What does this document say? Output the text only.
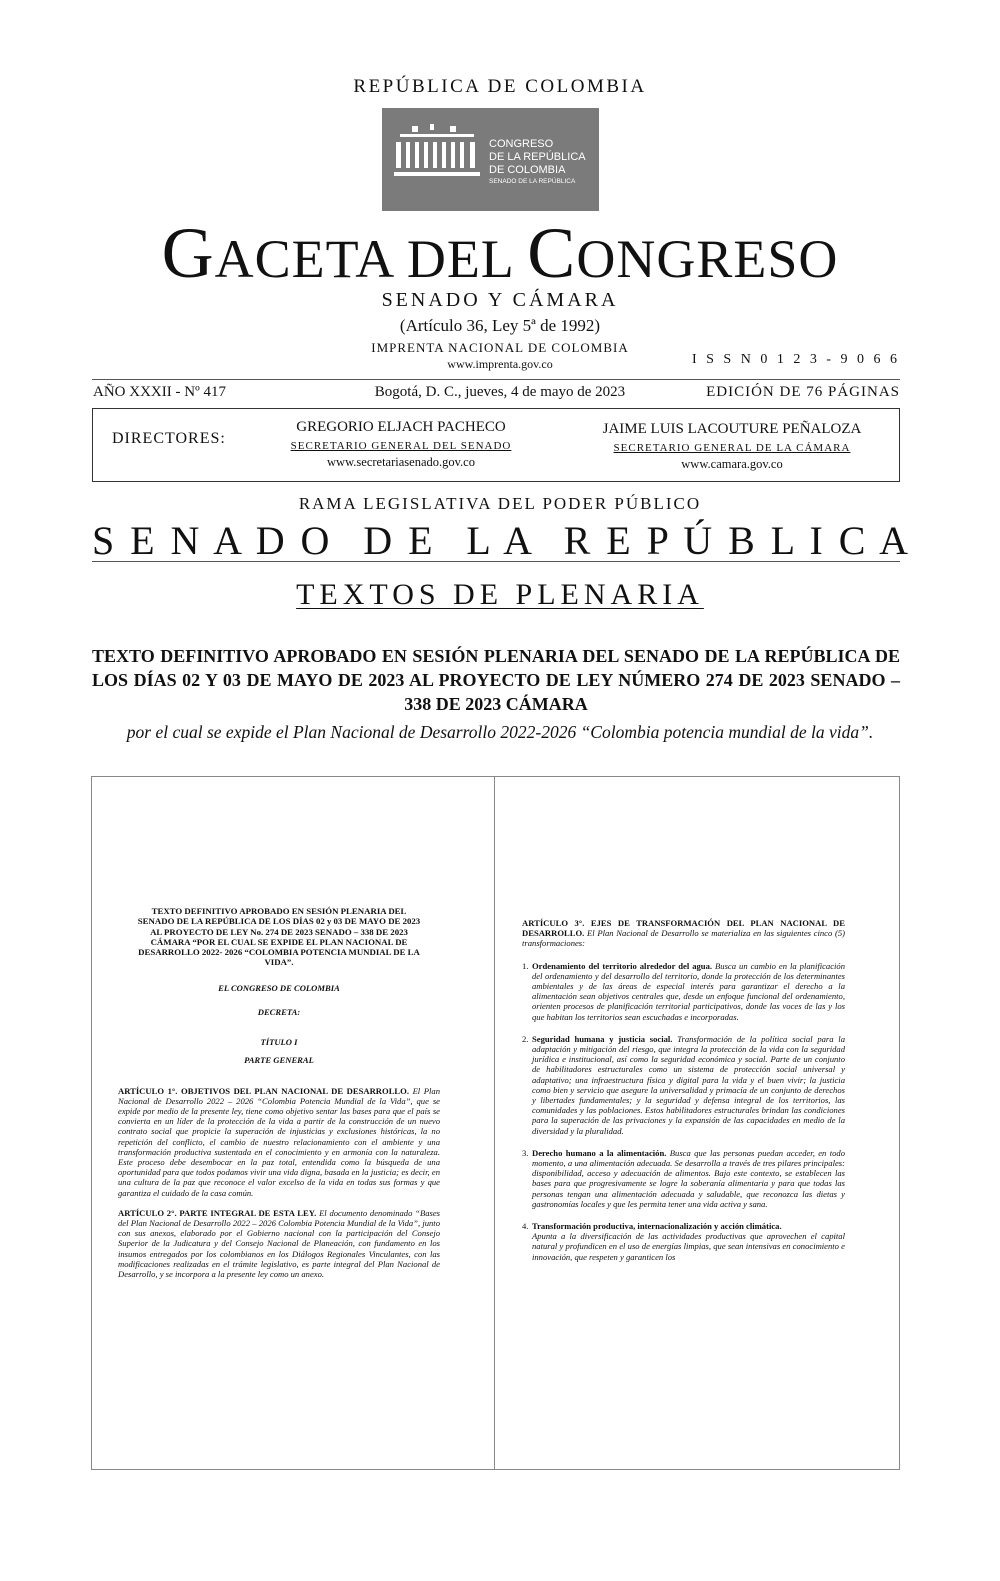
REPÚBLICA DE COLOMBIA
CONGRESO
DE LA REPÚBLICA
DE COLOMBIA
SENADO DE LA REPÚBLICA
GACETA DEL CONGRESO
SENADO Y CÁMARA
(Artículo 36, Ley 5ª de 1992)
IMPRENTA NACIONAL DE COLOMBIA
www.imprenta.gov.co	I S S N 0 1 2 3 - 9 0 6 6
AÑO XXXII - Nº 417	Bogotá, D. C., jueves, 4 de mayo de 2023	EDICIÓN DE 76 PÁGINAS
DIRECTORES:
GREGORIO ELJACH PACHECO
SECRETARIO GENERAL DEL SENADO
www.secretariasenado.gov.co
JAIME LUIS LACOUTURE PEÑALOZA
SECRETARIO GENERAL DE LA CÁMARA
www.camara.gov.co
RAMA LEGISLATIVA DEL PODER PÚBLICO
S E N A D O D E L A R E P Ú B L I C A
TEXTOS DE PLENARIA
TEXTO DEFINITIVO APROBADO EN SESIÓN PLENARIA DEL SENADO DE LA REPÚBLICA DE LOS DÍAS 02 Y 03 DE MAYO DE 2023 AL PROYECTO DE LEY NÚMERO 274 DE 2023 SENADO – 338 DE 2023 CÁMARA
por el cual se expide el Plan Nacional de Desarrollo 2022-2026 “Colombia potencia mundial de la vida”.
TEXTO DEFINITIVO APROBADO EN SESIÓN PLENARIA DEL SENADO DE LA REPÚBLICA DE LOS DÍAS 02 y 03 DE MAYO DE 2023 AL PROYECTO DE LEY No. 274 DE 2023 SENADO – 338 DE 2023 CÁMARA “POR EL CUAL SE EXPIDE EL PLAN NACIONAL DE DESARROLLO 2022- 2026 “COLOMBIA POTENCIA MUNDIAL DE LA VIDA”.
EL CONGRESO DE COLOMBIA
DECRETA:
TÍTULO I
PARTE GENERAL
ARTÍCULO 1°. OBJETIVOS DEL PLAN NACIONAL DE DESARROLLO. El Plan Nacional de Desarrollo 2022 – 2026 “Colombia Potencia Mundial de la Vida”, que se expide por medio de la presente ley, tiene como objetivo sentar las bases para que el país se convierta en un líder de la protección de la vida a partir de la construcción de un nuevo contrato social que propicie la superación de injusticias y exclusiones históricas, la no repetición del conflicto, el cambio de nuestro relacionamiento con el ambiente y una transformación productiva sustentada en el conocimiento y en armonía con la naturaleza. Este proceso debe desembocar en la paz total, entendida como la búsqueda de una oportunidad para que todos podamos vivir una vida digna, basada en la justicia; es decir, en una cultura de la paz que reconoce el valor excelso de la vida en todas sus formas y que garantiza el cuidado de la casa común.
ARTÍCULO 2°. PARTE INTEGRAL DE ESTA LEY. El documento denominado “Bases del Plan Nacional de Desarrollo 2022 – 2026 Colombia Potencia Mundial de la Vida”, junto con sus anexos, elaborado por el Gobierno nacional con la participación del Consejo Superior de la Judicatura y del Consejo Nacional de Planeación, con fundamento en los insumos entregados por los colombianos en los Diálogos Regionales Vinculantes, con las modificaciones realizadas en el trámite legislativo, es parte integral del Plan Nacional de Desarrollo, y se incorpora a la presente ley como un anexo.
ARTÍCULO 3°. EJES DE TRANSFORMACIÓN DEL PLAN NACIONAL DE DESARROLLO. El Plan Nacional de Desarrollo se materializa en las siguientes cinco (5) transformaciones:
1. Ordenamiento del territorio alrededor del agua. Busca un cambio en la planificación del ordenamiento y del desarrollo del territorio, donde la protección de los determinantes ambientales y de las áreas de especial interés para garantizar el derecho a la alimentación sean objetivos centrales que, desde un enfoque funcional del ordenamiento, orienten procesos de planificación territorial participativos, donde las voces de las y los que habitan los territorios sean escuchadas e incorporadas.
2. Seguridad humana y justicia social. Transformación de la política social para la adaptación y mitigación del riesgo, que integra la protección de la vida con la seguridad jurídica e institucional, así como la seguridad económica y social. Parte de un conjunto de habilitadores estructurales como un sistema de protección social universal y adaptativo; una infraestructura física y digital para la vida y el buen vivir; la justicia como bien y servicio que asegure la universalidad y primacía de un conjunto de derechos y libertades fundamentales; y la seguridad y defensa integral de los territorios, las comunidades y las poblaciones. Estos habilitadores estructurales brindan las condiciones para la superación de las privaciones y la expansión de las capacidades en medio de la diversidad y la pluralidad.
3. Derecho humano a la alimentación. Busca que las personas puedan acceder, en todo momento, a una alimentación adecuada. Se desarrolla a través de tres pilares principales: disponibilidad, acceso y adecuación de alimentos. Bajo este contexto, se establecen las bases para que progresivamente se logre la soberanía alimentaria y para que todas las personas tengan una alimentación adecuada y saludable, que reconozca las dietas y gastronomías locales y que les permita tener una vida activa y sana.
4. Transformación productiva, internacionalización y acción climática.
Apunta a la diversificación de las actividades productivas que aprovechen el capital natural y profundicen en el uso de energías limpias, que sean intensivas en conocimiento e innovación, que respeten y garanticen los
